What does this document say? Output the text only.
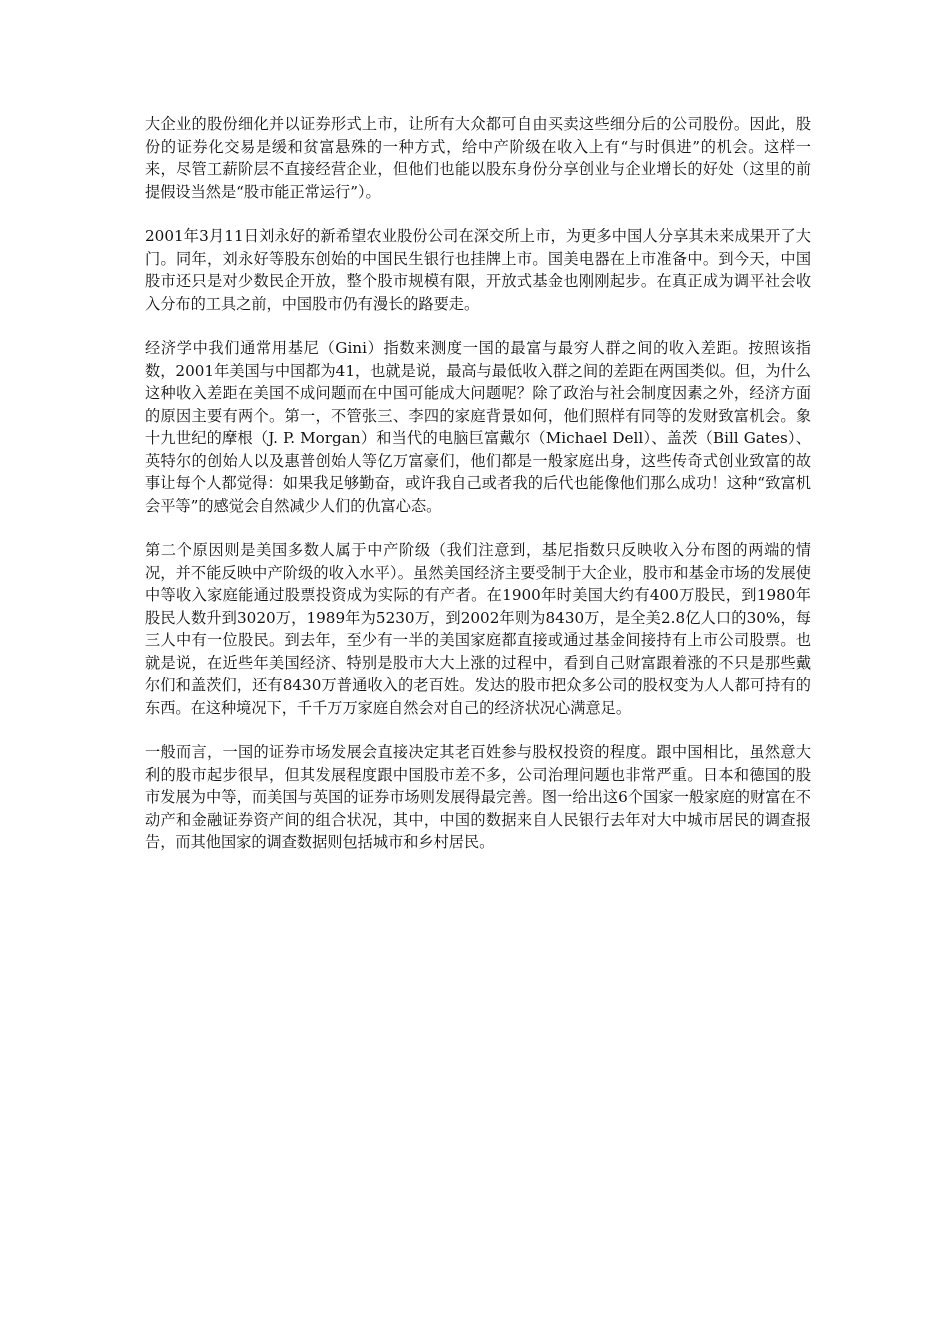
大企业的股份细化并以证券形式上市，让所有大众都可自由买卖这些细分后的公司股份。因此，股份的证券化交易是缓和贫富悬殊的一种方式，给中产阶级在收入上有“与时俱进”的机会。这样一来，尽管工薪阶层不直接经营企业，但他们也能以股东身份分享创业与企业增长的好处（这里的前提假设当然是“股市能正常运行”）。

2001年3月11日刘永好的新希望农业股份公司在深交所上市，为更多中国人分享其未来成果开了大门。同年，刘永好等股东创始的中国民生银行也挂牌上市。国美电器在上市准备中。到今天，中国股市还只是对少数民企开放，整个股市规模有限，开放式基金也刚刚起步。在真正成为调平社会收入分布的工具之前，中国股市仍有漫长的路要走。

经济学中我们通常用基尼（Gini）指数来测度一国的最富与最穷人群之间的收入差距。按照该指数，2001年美国与中国都为41，也就是说，最高与最低收入群之间的差距在两国类似。但，为什么这种收入差距在美国不成问题而在中国可能成大问题呢？除了政治与社会制度因素之外，经济方面的原因主要有两个。第一，不管张三、李四的家庭背景如何，他们照样有同等的发财致富机会。象十九世纪的摩根（J. P. Morgan）和当代的电脑巨富戴尔（Michael Dell）、盖茨（Bill Gates）、英特尔的创始人以及惠普创始人等亿万富豪们，他们都是一般家庭出身，这些传奇式创业致富的故事让每个人都觉得：如果我足够勤奋，或许我自己或者我的后代也能像他们那么成功！这种“致富机会平等”的感觉会自然减少人们的仇富心态。

第二个原因则是美国多数人属于中产阶级（我们注意到，基尼指数只反映收入分布图的两端的情况，并不能反映中产阶级的收入水平）。虽然美国经济主要受制于大企业，股市和基金市场的发展使中等收入家庭能通过股票投资成为实际的有产者。在1900年时美国大约有400万股民，到1980年股民人数升到3020万，1989年为5230万，到2002年则为8430万，是全美2.8亿人口的30%，每三人中有一位股民。到去年，至少有一半的美国家庭都直接或通过基金间接持有上市公司股票。也就是说，在近些年美国经济、特别是股市大大上涨的过程中，看到自己财富跟着涨的不只是那些戴尔们和盖茨们，还有8430万普通收入的老百姓。发达的股市把众多公司的股权变为人人都可持有的东西。在这种境况下，千千万万家庭自然会对自己的经济状况心满意足。

一般而言，一国的证券市场发展会直接决定其老百姓参与股权投资的程度。跟中国相比，虽然意大利的股市起步很早，但其发展程度跟中国股市差不多，公司治理问题也非常严重。日本和德国的股市发展为中等，而美国与英国的证券市场则发展得最完善。图一给出这6个国家一般家庭的财富在不动产和金融证券资产间的组合状况，其中，中国的数据来自人民银行去年对大中城市居民的调查报告，而其他国家的调查数据则包括城市和乡村居民。
